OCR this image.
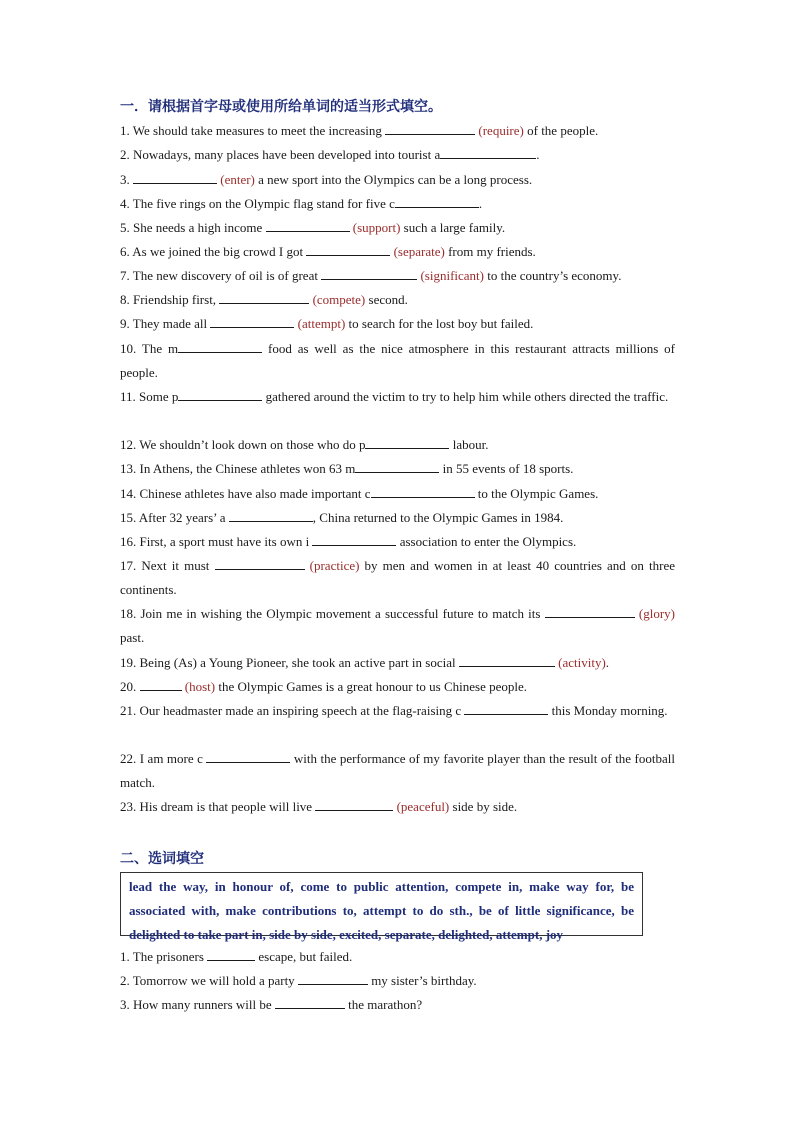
一．请根据首字母或使用所给单词的适当形式填空。
1. We should take measures to meet the increasing	(require) of the people.
2. Nowadays, many places have been developed into tourist a	.
3.	(enter) a new sport into the Olympics can be a long process.
4. The five rings on the Olympic flag stand for five c	.
5. She needs a high income	(support) such a large family.
6. As we joined the big crowd I got	(separate) from my friends.
7. The new discovery of oil is of great	(significant) to the country’s economy.
8. Friendship first,	(compete) second.
9. They made all	(attempt) to search for the lost boy but failed.
10. The m	food as well as the nice atmosphere in this restaurant attracts millions of people.
11. Some p	gathered around the victim to try to help him while others directed the traffic.
12. We shouldn’t look down on those who do p	labour.
13. In Athens, the Chinese athletes won 63 m	in 55 events of 18 sports.
14. Chinese athletes have also made important c	to the Olympic Games.
15. After 32 years’ a	, China returned to the Olympic Games in 1984.
16. First, a sport must have its own i	association to enter the Olympics.
17. Next it must	(practice) by men and women in at least 40 countries and on three continents.
18. Join me in wishing the Olympic movement a successful future to match its	(glory) past.
19. Being (As) a Young Pioneer, she took an active part in social	(activity).
20.	(host) the Olympic Games is a great honour to us Chinese people.
21. Our headmaster made an inspiring speech at the flag-raising c	this Monday morning.
22. I am more c	with the performance of my favorite player than the result of the football match.
23. His dream is that people will live	(peaceful) side by side.
二、选词填空

lead the way, in honour of, come to public attention, compete in, make way for, be associated with, make contributions to, attempt to do sth., be of little significance, be delighted to take part in, side by side, excited, separate, delighted, attempt, joy

1. The prisoners	escape, but failed.
2. Tomorrow we will hold a party	my sister’s birthday.
3. How many runners will be	the marathon?
